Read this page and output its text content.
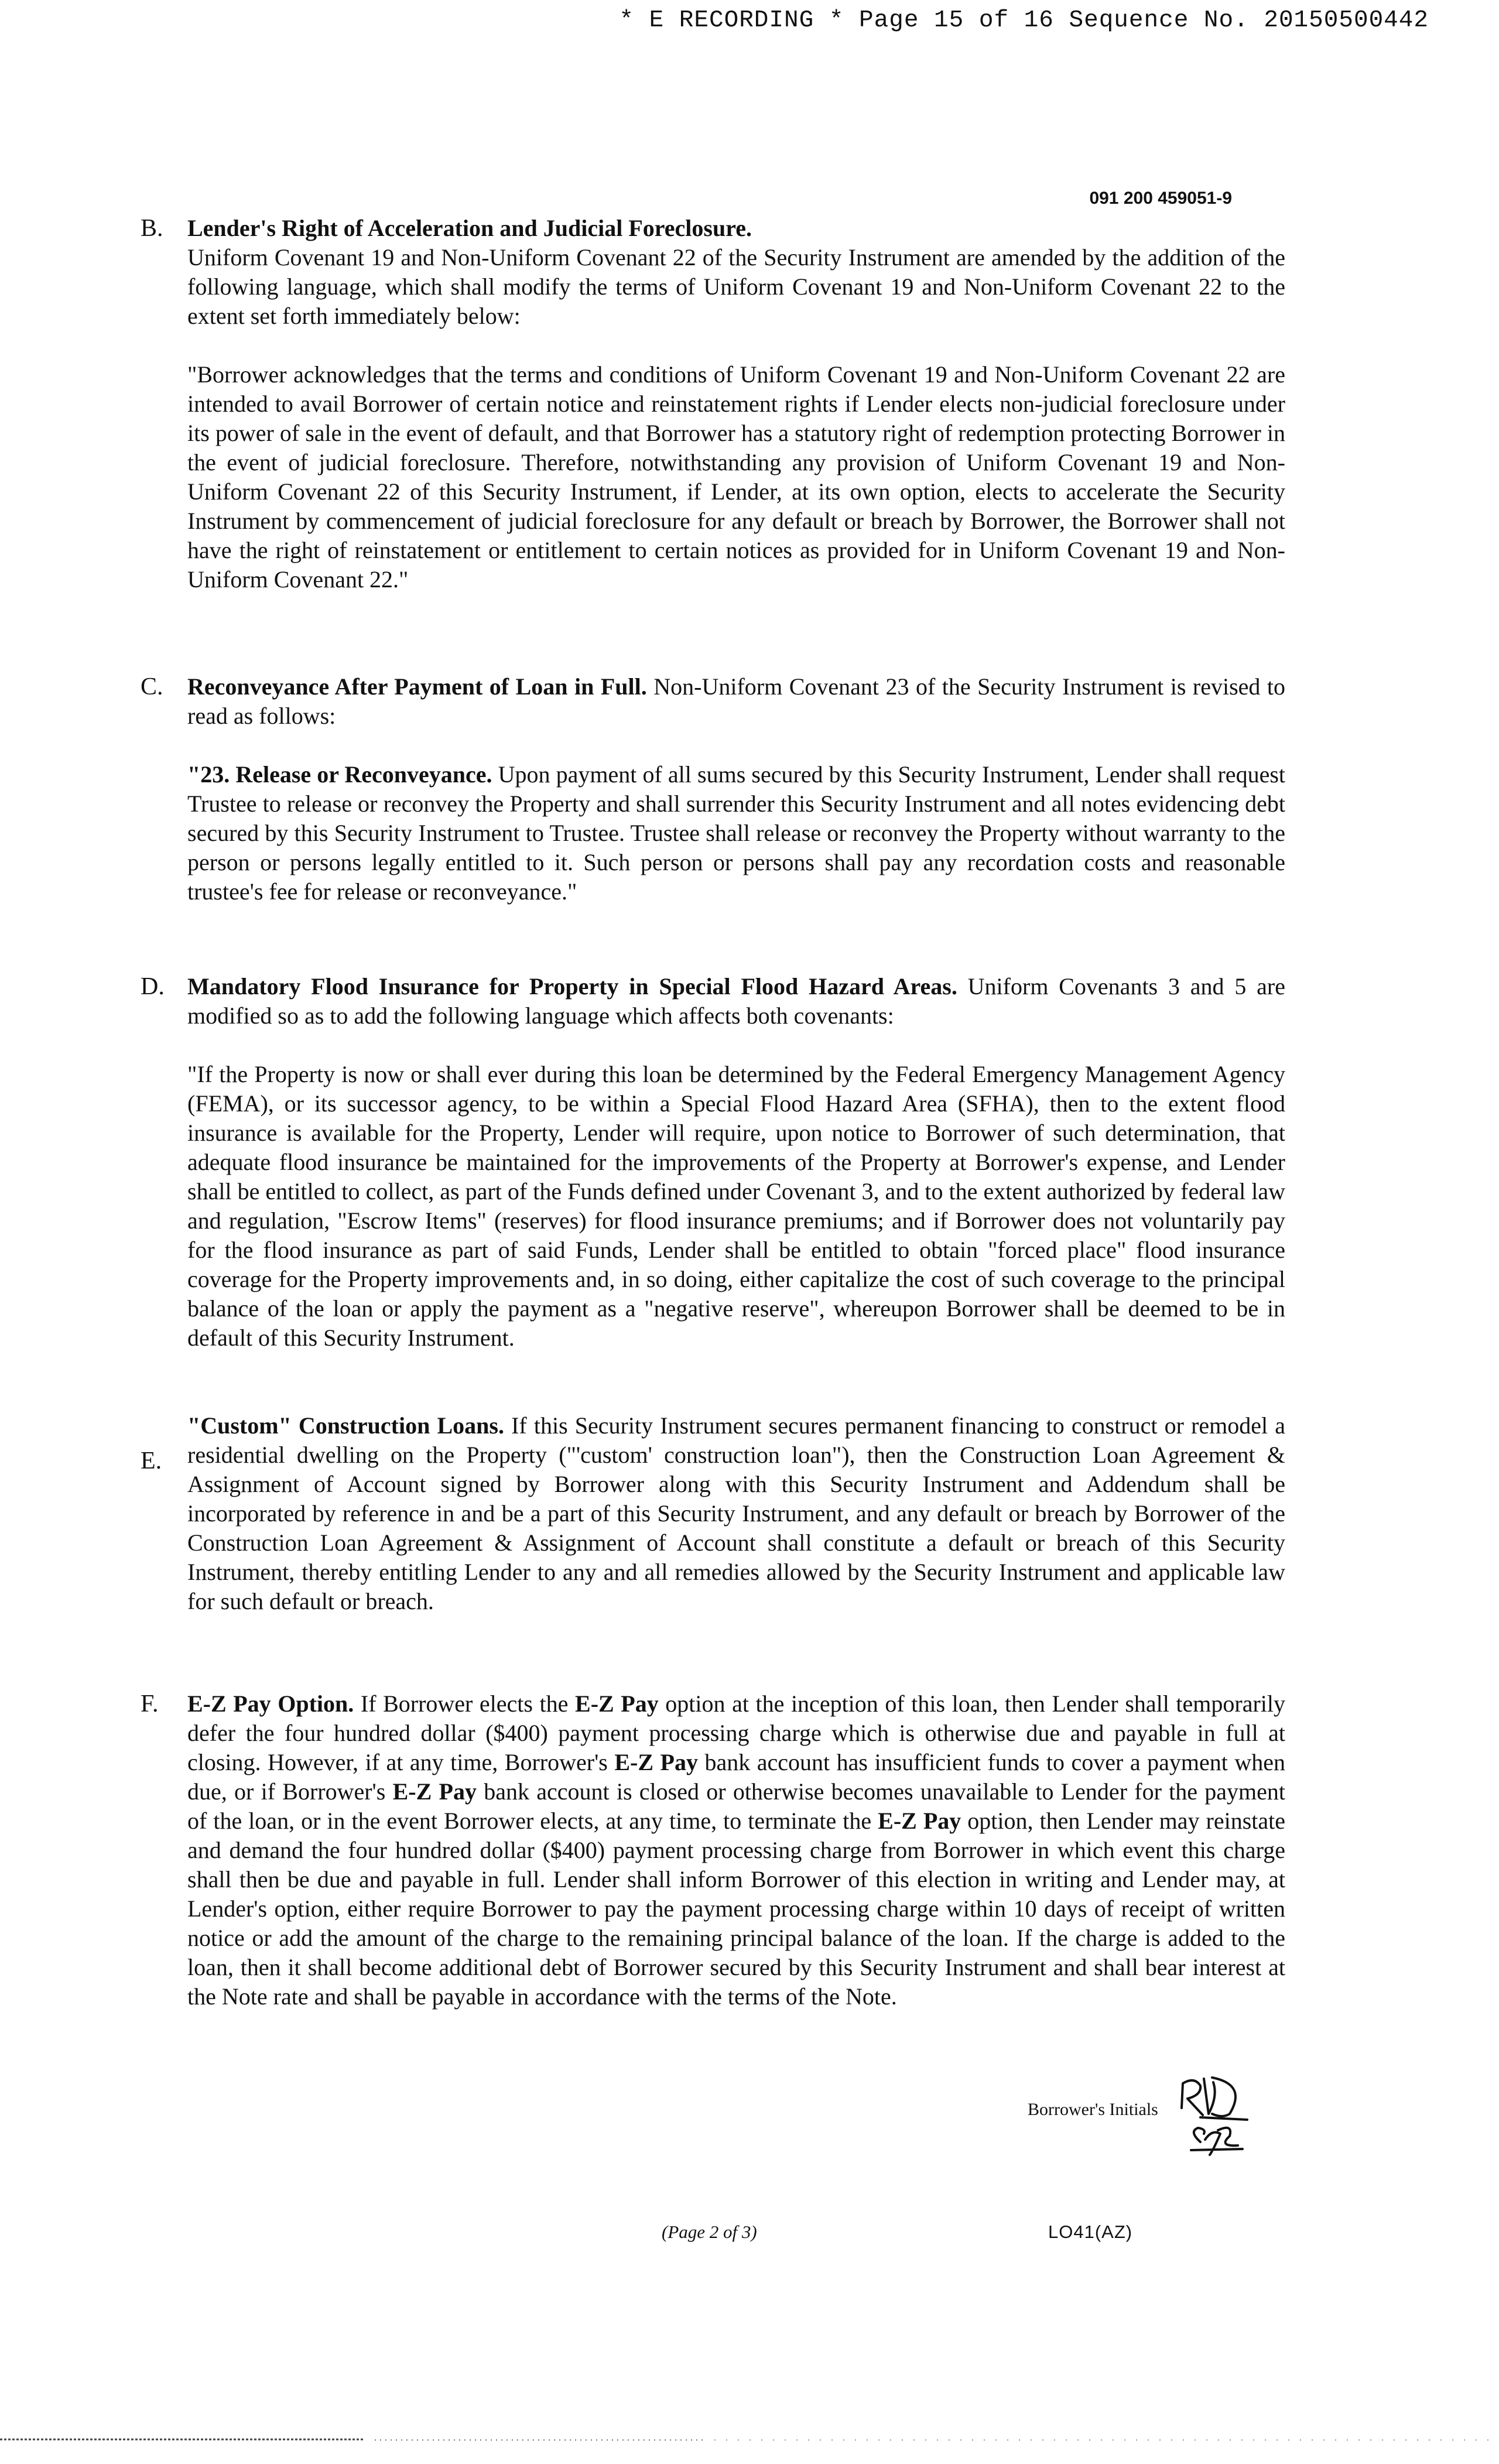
* E RECORDING * Page 15 of 16 Sequence No. 20150500442
091 200 459051-9
B.	Lender's Right of Acceleration and Judicial Foreclosure.
Uniform Covenant 19 and Non-Uniform Covenant 22 of the Security Instrument are amended by the addition of the following language, which shall modify the terms of Uniform Covenant 19 and Non-Uniform Covenant 22 to the extent set forth immediately below:

"Borrower acknowledges that the terms and conditions of Uniform Covenant 19 and Non-Uniform Covenant 22 are intended to avail Borrower of certain notice and reinstatement rights if Lender elects non-judicial foreclosure under its power of sale in the event of default, and that Borrower has a statutory right of redemption protecting Borrower in the event of judicial foreclosure. Therefore, notwithstanding any provision of Uniform Covenant 19 and Non-Uniform Covenant 22 of this Security Instrument, if Lender, at its own option, elects to accelerate the Security Instrument by commencement of judicial foreclosure for any default or breach by Borrower, the Borrower shall not have the right of reinstatement or entitlement to certain notices as provided for in Uniform Covenant 19 and Non-Uniform Covenant 22."

C.	Reconveyance After Payment of Loan in Full. Non-Uniform Covenant 23 of the Security Instrument is revised to read as follows:

"23. Release or Reconveyance. Upon payment of all sums secured by this Security Instrument, Lender shall request Trustee to release or reconvey the Property and shall surrender this Security Instrument and all notes evidencing debt secured by this Security Instrument to Trustee. Trustee shall release or reconvey the Property without warranty to the person or persons legally entitled to it. Such person or persons shall pay any recordation costs and reasonable trustee's fee for release or reconveyance."

D. Mandatory Flood Insurance for Property in Special Flood Hazard Areas. Uniform Covenants 3 and 5 are modified so as to add the following language which affects both covenants:

"If the Property is now or shall ever during this loan be determined by the Federal Emergency Management Agency (FEMA), or its successor agency, to be within a Special Flood Hazard Area (SFHA), then to the extent flood insurance is available for the Property, Lender will require, upon notice to Borrower of such determination, that adequate flood insurance be maintained for the improvements of the Property at Borrower's expense, and Lender shall be entitled to collect, as part of the Funds defined under Covenant 3, and to the extent authorized by federal law and regulation, "Escrow Items" (reserves) for flood insurance premiums; and if Borrower does not voluntarily pay for the flood insurance as part of said Funds, Lender shall be entitled to obtain "forced place" flood insurance coverage for the Property improvements and, in so doing, either capitalize the cost of such coverage to the principal balance of the loan or apply the payment as a "negative reserve", whereupon Borrower shall be deemed to be in default of this Security Instrument.

E.

"Custom" Construction Loans. If this Security Instrument secures permanent financing to construct or remodel a residential dwelling on the Property ("'custom' construction loan"), then the Construction Loan Agreement & Assignment of Account signed by Borrower along with this Security Instrument and Addendum shall be incorporated by reference in and be a part of this Security Instrument, and any default or breach by Borrower of the Construction Loan Agreement & Assignment of Account shall constitute a default or breach of this Security Instrument, thereby entitling Lender to any and all remedies allowed by the Security Instrument and applicable law for such default or breach.

F.	E-Z Pay Option. If Borrower elects the E-Z Pay option at the inception of this loan, then Lender shall temporarily defer the four hundred dollar ($400) payment processing charge which is otherwise due and payable in full at closing. However, if at any time, Borrower's E-Z Pay bank account has insufficient funds to cover a payment when due, or if Borrower's E-Z Pay bank account is closed or otherwise becomes unavailable to Lender for the payment of the loan, or in the event Borrower elects, at any time, to terminate the E-Z Pay option, then Lender may reinstate and demand the four hundred dollar ($400) payment processing charge from Borrower in which event this charge shall then be due and payable in full. Lender shall inform Borrower of this election in writing and Lender may, at Lender's option, either require Borrower to pay the payment processing charge within 10 days of receipt of written notice or add the amount of the charge to the remaining principal balance of the loan. If the charge is added to the loan, then it shall become additional debt of Borrower secured by this Security Instrument and shall bear interest at the Note rate and shall be payable in accordance with the terms of the Note.

Borrower's Initials
(Page 2 of 3)	LO41(AZ)
